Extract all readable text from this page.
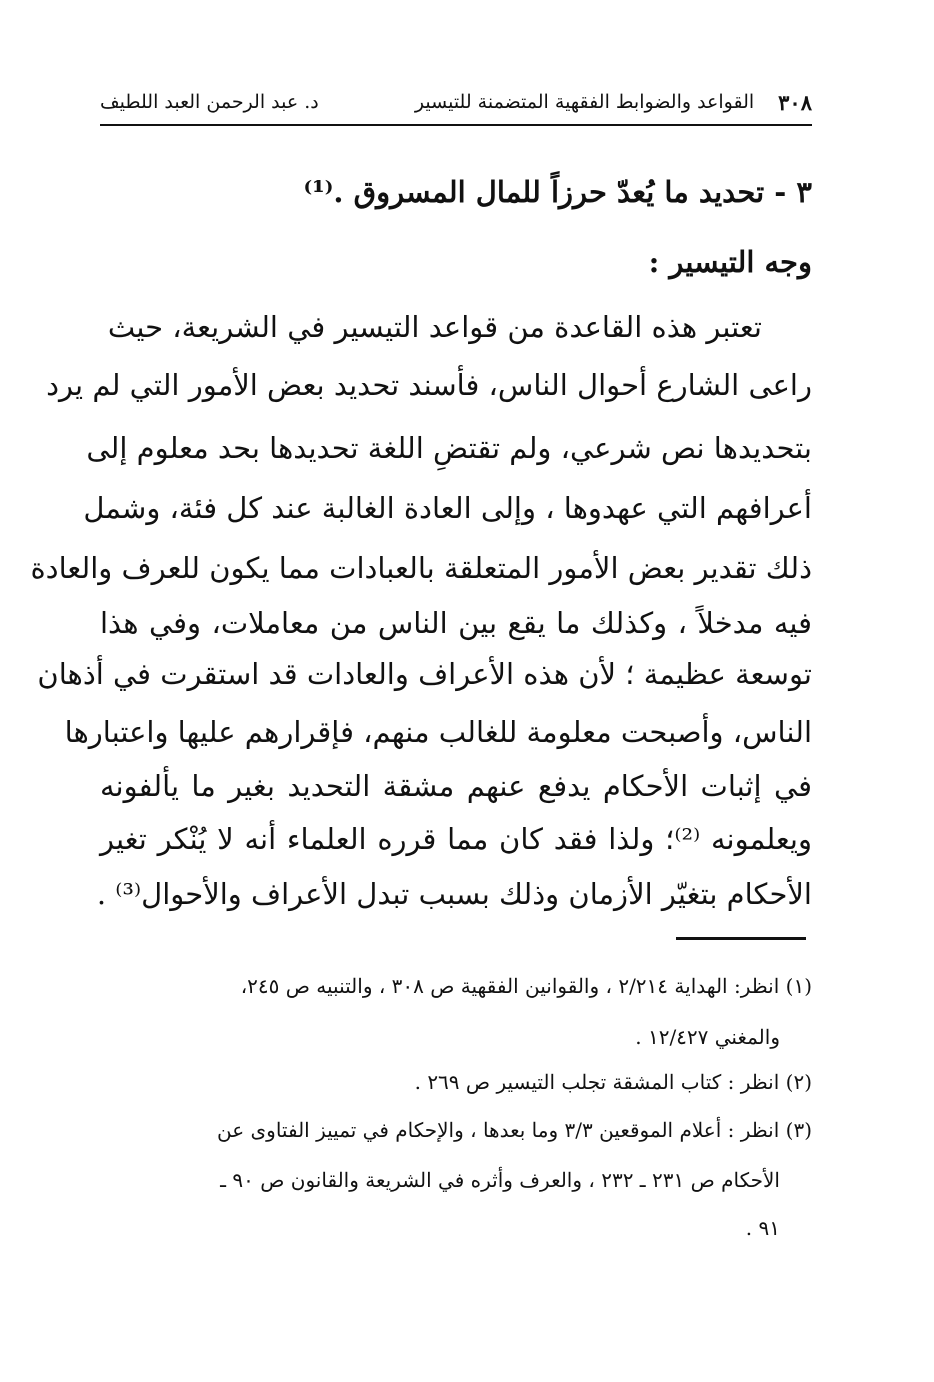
٣٠٨
القواعد والضوابط الفقهية المتضمنة للتيسير
د. عبد الرحمن العبد اللطيف
٣ - تحديد ما يُعدّ حرزاً للمال المسروق .⁽¹⁾
وجه التيسير :
تعتبر هذه القاعدة من قواعد التيسير في الشريعة، حيث
راعى الشارع أحوال الناس، فأسند تحديد بعض الأمور التي لم يرد
بتحديدها نص شرعي، ولم تقتضِ اللغة تحديدها بحد معلوم إلى
أعرافهم التي عهدوها ، وإلى العادة الغالبة عند كل فئة، وشمل
ذلك تقدير بعض الأمور المتعلقة بالعبادات مما يكون للعرف والعادة
فيه مدخلاً ، وكذلك ما يقع بين الناس من معاملات، وفي هذا
توسعة عظيمة ؛ لأن هذه الأعراف والعادات قد استقرت في أذهان
الناس، وأصبحت معلومة للغالب منهم، فإقرارهم عليها واعتبارها
في إثبات الأحكام يدفع عنهم مشقة التحديد بغير ما يألفونه
ويعلمونه ⁽²⁾؛ ولذا فقد كان مما قرره العلماء أنه لا يُنْكر تغير
الأحكام بتغيّر الأزمان وذلك بسبب تبدل الأعراف والأحوال⁽³⁾ .
(١) انظر: الهداية ٢/٢١٤ ، والقوانين الفقهية ص ٣٠٨ ، والتنبيه ص ٢٤٥،
والمغني ١٢/٤٢٧ .
(٢) انظر : كتاب المشقة تجلب التيسير ص ٢٦٩ .
(٣) انظر : أعلام الموقعين ٣/٣ وما بعدها ، والإحكام في تمييز الفتاوى عن
الأحكام ص ٢٣١ ـ ٢٣٢ ، والعرف وأثره في الشريعة والقانون ص ٩٠ ـ
٩١ .
